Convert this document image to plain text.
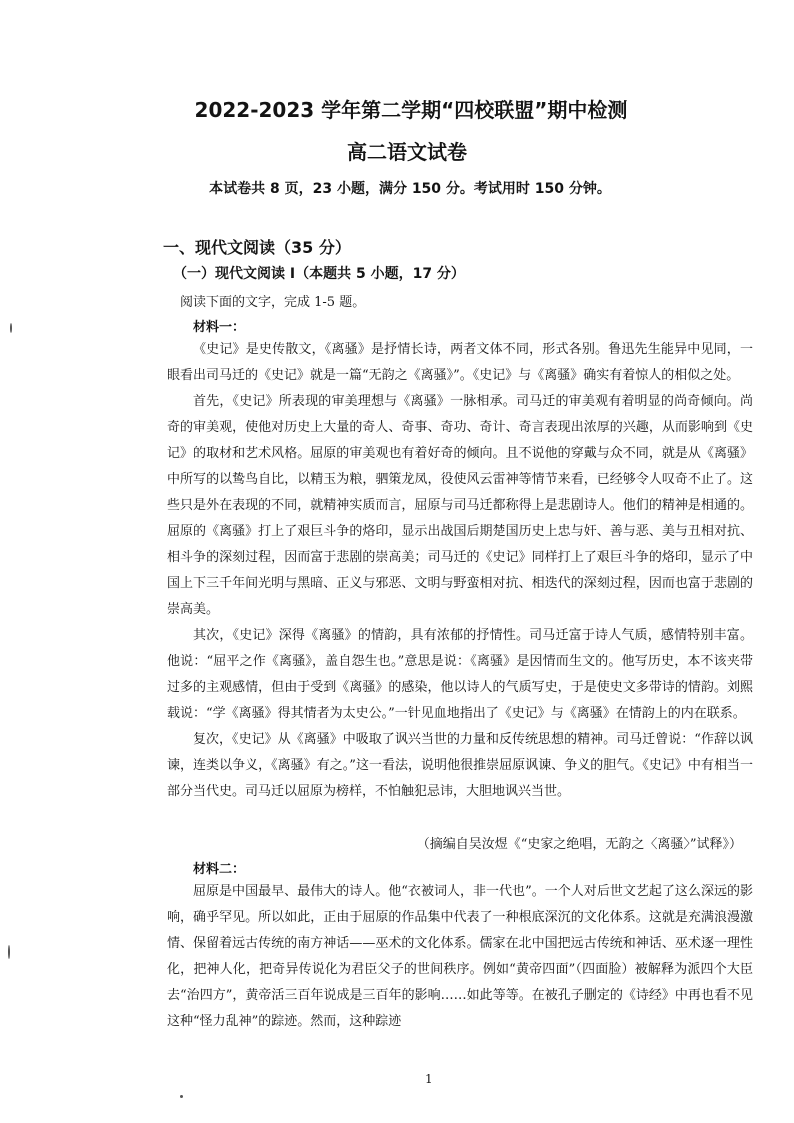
2022-2023 学年第二学期“四校联盟”期中检测
高二语文试卷
本试卷共 8 页，23 小题，满分 150 分。考试用时 150 分钟。
一、现代文阅读（35 分）
（一）现代文阅读 I（本题共 5 小题，17 分）
阅读下面的文字，完成 1-5 题。
材料一：

《史记》是史传散文，《离骚》是抒情长诗，两者文体不同，形式各别。鲁迅先生能异中见同，一眼看出司马迁的《史记》就是一篇“无韵之《离骚》”。《史记》与《离骚》确实有着惊人的相似之处。

首先，《史记》所表现的审美理想与《离骚》一脉相承。司马迁的审美观有着明显的尚奇倾向。尚奇的审美观，使他对历史上大量的奇人、奇事、奇功、奇计、奇言表现出浓厚的兴趣，从而影响到《史记》的取材和艺术风格。屈原的审美观也有着好奇的倾向。且不说他的穿戴与众不同，就是从《离骚》中所写的以鸷鸟自比，以精玉为粮，驷策龙凤，役使风云雷神等情节来看，已经够令人叹奇不止了。这些只是外在表现的不同，就精神实质而言，屈原与司马迁都称得上是悲剧诗人。他们的精神是相通的。屈原的《离骚》打上了艰巨斗争的烙印，显示出战国后期楚国历史上忠与奸、善与恶、美与丑相对抗、相斗争的深刻过程，因而富于悲剧的崇高美；司马迁的《史记》同样打上了艰巨斗争的烙印，显示了中国上下三千年间光明与黑暗、正义与邪恶、文明与野蛮相对抗、相迭代的深刻过程，因而也富于悲剧的崇高美。

其次，《史记》深得《离骚》的情韵，具有浓郁的抒情性。司马迁富于诗人气质，感情特别丰富。他说：“屈平之作《离骚》，盖自怨生也。”意思是说：《离骚》是因情而生文的。他写历史，本不该夹带过多的主观感情，但由于受到《离骚》的感染，他以诗人的气质写史，于是使史文多带诗的情韵。刘熙载说：“学《离骚》得其情者为太史公。”一针见血地指出了《史记》与《离骚》在情韵上的内在联系。

复次，《史记》从《离骚》中吸取了讽兴当世的力量和反传统思想的精神。司马迁曾说：“作辞以讽谏，连类以争义，《离骚》有之。”这一看法，说明他很推崇屈原讽谏、争义的胆气。《史记》中有相当一部分当代史。司马迁以屈原为榜样，不怕触犯忌讳，大胆地讽兴当世。

（摘编自吴汝煜《“史家之绝唱，无韵之〈离骚〉”试释》）
材料二：

屈原是中国最早、最伟大的诗人。他“衣被词人，非一代也”。一个人对后世文艺起了这么深远的影响，确乎罕见。所以如此，正由于屈原的作品集中代表了一种根底深沉的文化体系。这就是充满浪漫激情、保留着远古传统的南方神话——巫术的文化体系。儒家在北中国把远古传统和神话、巫术逐一理性化，把神人化，把奇异传说化为君臣父子的世间秩序。例如“黄帝四面”（四面脸）被解释为派四个大臣去“治四方”，黄帝活三百年说成是三百年的影响……如此等等。在被孔子删定的《诗经》中再也看不见这种“怪力乱神”的踪迹。然而，这种踪迹

1
